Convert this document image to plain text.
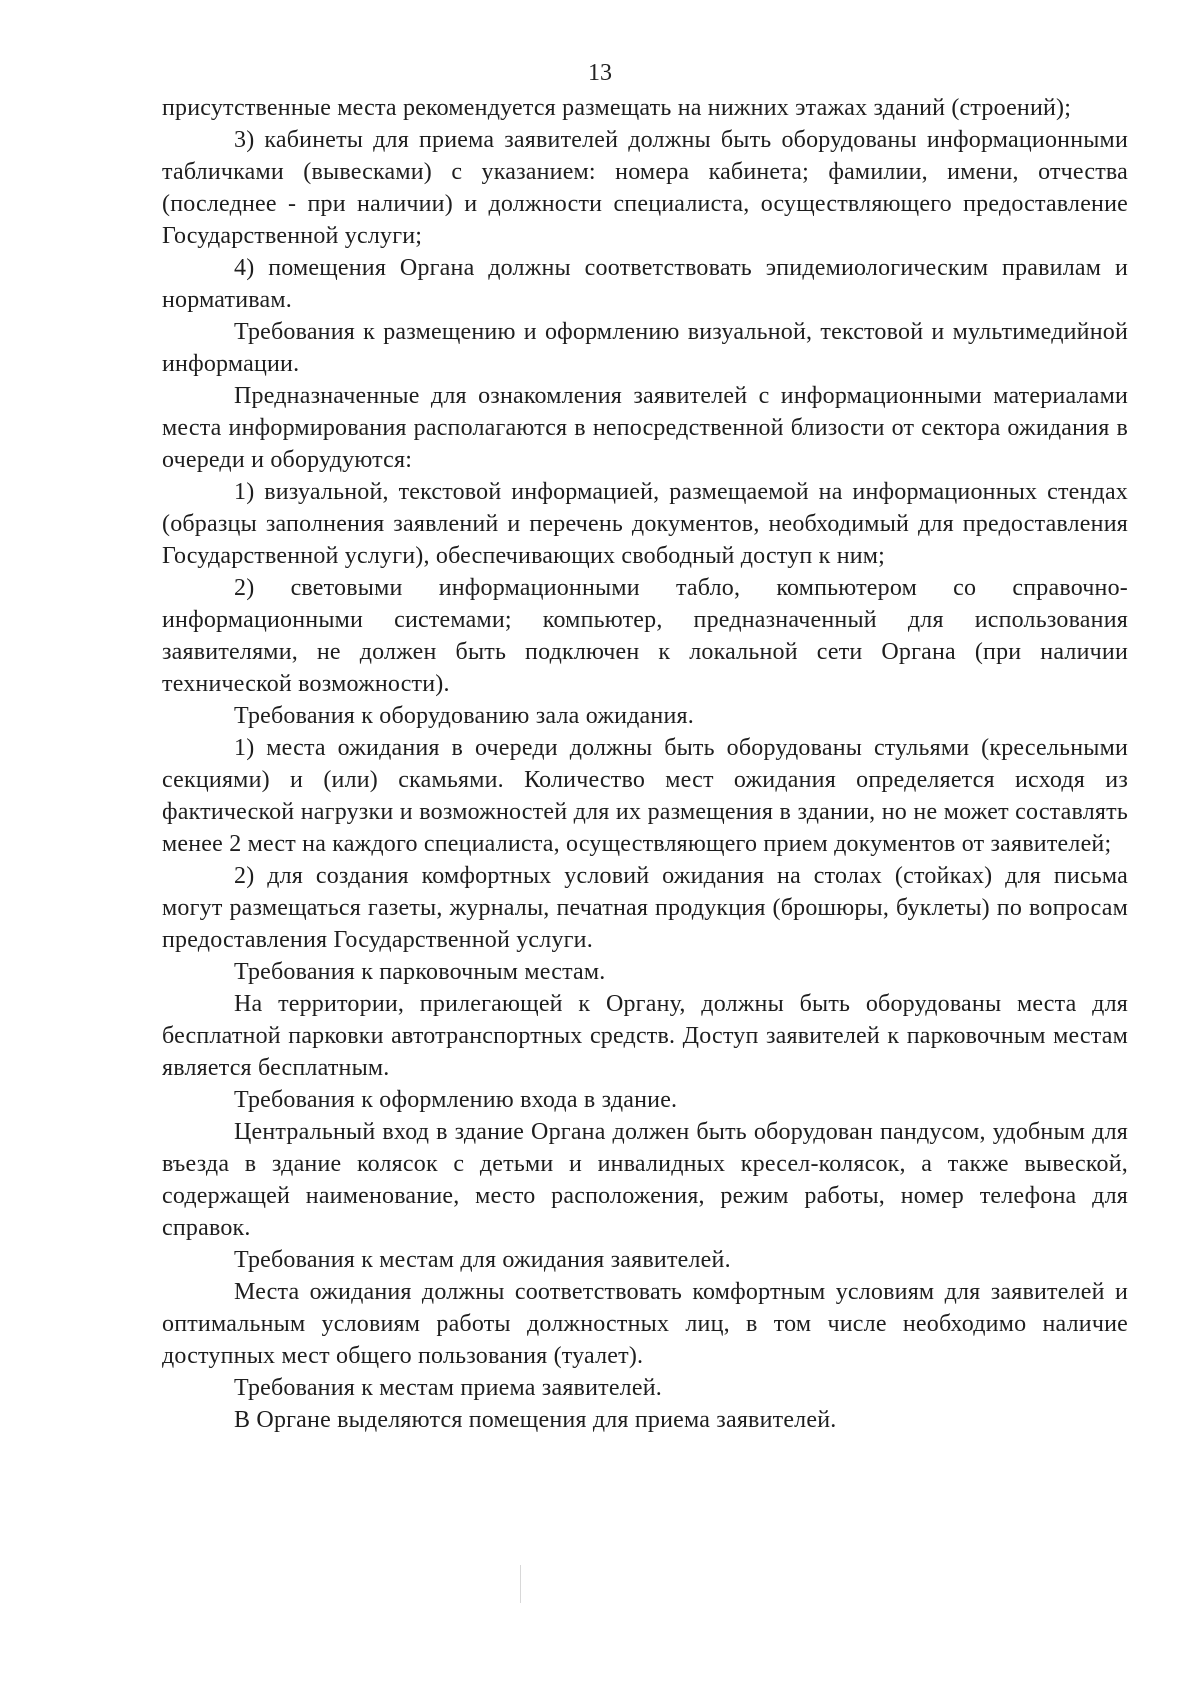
13

присутственные места рекомендуется размещать на нижних этажах зданий (строений);

3) кабинеты для приема заявителей должны быть оборудованы информационными табличками (вывесками) с указанием: номера кабинета; фамилии, имени, отчества (последнее - при наличии) и должности специалиста, осуществляющего предоставление Государственной услуги;

4) помещения Органа должны соответствовать эпидемиологическим правилам и нормативам.

Требования к размещению и оформлению визуальной, текстовой и мультимедийной информации.

Предназначенные для ознакомления заявителей с информационными материалами места информирования располагаются в непосредственной близости от сектора ожидания в очереди и оборудуются:

1) визуальной, текстовой информацией, размещаемой на информационных стендах (образцы заполнения заявлений и перечень документов, необходимый для предоставления Государственной услуги), обеспечивающих свободный доступ к ним;

2) световыми информационными табло, компьютером со справочно-информационными системами; компьютер, предназначенный для использования заявителями, не должен быть подключен к локальной сети Органа (при наличии технической возможности).

Требования к оборудованию зала ожидания.

1) места ожидания в очереди должны быть оборудованы стульями (кресельными секциями) и (или) скамьями. Количество мест ожидания определяется исходя из фактической нагрузки и возможностей для их размещения в здании, но не может составлять менее 2 мест на каждого специалиста, осуществляющего прием документов от заявителей;

2) для создания комфортных условий ожидания на столах (стойках) для письма могут размещаться газеты, журналы, печатная продукция (брошюры, буклеты) по вопросам предоставления Государственной услуги.

Требования к парковочным местам.

На территории, прилегающей к Органу, должны быть оборудованы места для бесплатной парковки автотранспортных средств. Доступ заявителей к парковочным местам является бесплатным.

Требования к оформлению входа в здание.

Центральный вход в здание Органа должен быть оборудован пандусом, удобным для въезда в здание колясок с детьми и инвалидных кресел-колясок, а также вывеской, содержащей наименование, место расположения, режим работы, номер телефона для справок.

Требования к местам для ожидания заявителей.

Места ожидания должны соответствовать комфортным условиям для заявителей и оптимальным условиям работы должностных лиц, в том числе необходимо наличие доступных мест общего пользования (туалет).

Требования к местам приема заявителей.

В Органе выделяются помещения для приема заявителей.
